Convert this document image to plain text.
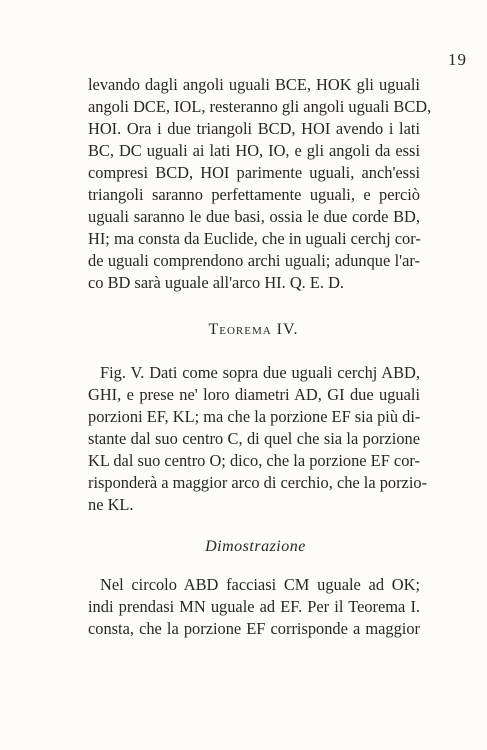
19
levando dagli angoli uguali BCE, HOK gli uguali
angoli DCE, IOL, resteranno gli angoli uguali BCD,
HOI. Ora i due triangoli BCD, HOI avendo i lati
BC, DC uguali ai lati HO, IO, e gli angoli da essi
compresi BCD, HOI parimente uguali, anch'essi
triangoli saranno perfettamente uguali, e perciò
uguali saranno le due basi, ossia le due corde BD,
HI; ma consta da Euclide, che in uguali cerchj cor-
de uguali comprendono archi uguali; adunque l'ar-
co BD sarà uguale all'arco HI. Q. E. D.
Teorema IV.
Fig. V. Dati come sopra due uguali cerchj ABD,
GHI, e prese ne' loro diametri AD, GI due uguali
porzioni EF, KL; ma che la porzione EF sia più di-
stante dal suo centro C, di quel che sia la porzione
KL dal suo centro O; dico, che la porzione EF cor-
risponderà a maggior arco di cerchio, che la porzio-
ne KL.
Dimostrazione
Nel circolo ABD facciasi CM uguale ad OK;
indi prendasi MN uguale ad EF. Per il Teorema I.
consta, che la porzione EF corrisponde a maggior
